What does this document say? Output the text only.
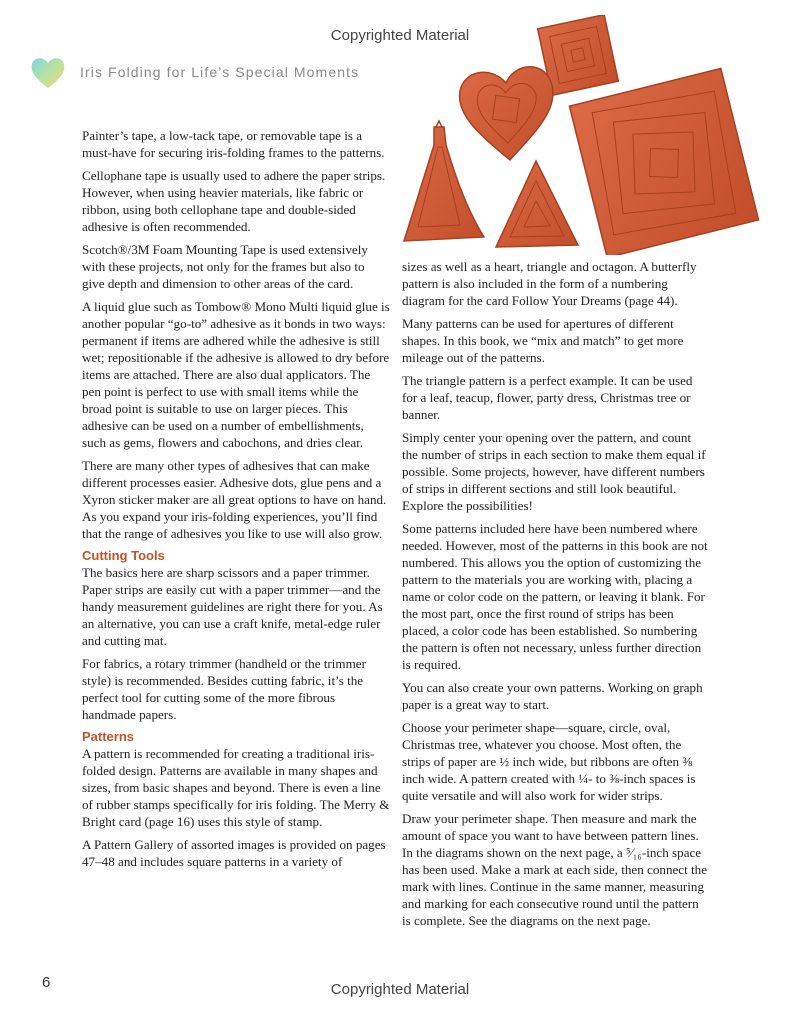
Copyrighted Material
Iris Folding for Life’s Special Moments

Painter’s tape, a low-tack tape, or removable tape is a must-have for securing iris-folding frames to the patterns.

Cellophane tape is usually used to adhere the paper strips. However, when using heavier materials, like fabric or ribbon, using both cellophane tape and double-sided adhesive is often recommended.

Scotch®/3M Foam Mounting Tape is used extensively with these projects, not only for the frames but also to give depth and dimension to other areas of the card.

A liquid glue such as Tombow® Mono Multi liquid glue is another popular “go-to” adhesive as it bonds in two ways: permanent if items are adhered while the adhesive is still wet; repositionable if the adhesive is allowed to dry before items are attached. There are also dual applicators. The pen point is perfect to use with small items while the broad point is suitable to use on larger pieces. This adhesive can be used on a number of embellishments, such as gems, flowers and cabochons, and dries clear.

There are many other types of adhesives that can make different processes easier. Adhesive dots, glue pens and a Xyron sticker maker are all great options to have on hand. As you expand your iris-folding experiences, you’ll find that the range of adhesives you like to use will also grow.

Cutting Tools

The basics here are sharp scissors and a paper trimmer. Paper strips are easily cut with a paper trimmer—and the handy measurement guidelines are right there for you. As an alternative, you can use a craft knife, metal-edge ruler and cutting mat.

For fabrics, a rotary trimmer (handheld or the trimmer style) is recommended. Besides cutting fabric, it’s the perfect tool for cutting some of the more fibrous handmade papers.

Patterns

A pattern is recommended for creating a traditional iris-folded design. Patterns are available in many shapes and sizes, from basic shapes and beyond. There is even a line of rubber stamps specifically for iris folding. The Merry & Bright card (page 16) uses this style of stamp.

A Pattern Gallery of assorted images is provided on pages 47–48 and includes square patterns in a variety of

sizes as well as a heart, triangle and octagon. A butterfly pattern is also included in the form of a numbering diagram for the card Follow Your Dreams (page 44).

Many patterns can be used for apertures of different shapes. In this book, we “mix and match” to get more mileage out of the patterns.

The triangle pattern is a perfect example. It can be used for a leaf, teacup, flower, party dress, Christmas tree or banner.

Simply center your opening over the pattern, and count the number of strips in each section to make them equal if possible. Some projects, however, have different numbers of strips in different sections and still look beautiful. Explore the possibilities!

Some patterns included here have been numbered where needed. However, most of the patterns in this book are not numbered. This allows you the option of customizing the pattern to the materials you are working with, placing a name or color code on the pattern, or leaving it blank. For the most part, once the first round of strips has been placed, a color code has been established. So numbering the pattern is often not necessary, unless further direction is required.

You can also create your own patterns. Working on graph paper is a great way to start.

Choose your perimeter shape—square, circle, oval, Christmas tree, whatever you choose. Most often, the strips of paper are ½ inch wide, but ribbons are often ⅜ inch wide. A pattern created with ¼- to ⅜-inch spaces is quite versatile and will also work for wider strips.

Draw your perimeter shape. Then measure and mark the amount of space you want to have between pattern lines. In the diagrams shown on the next page, a ⁵⁄₁₆-inch space has been used. Make a mark at each side, then connect the mark with lines. Continue in the same manner, measuring and marking for each consecutive round until the pattern is complete. See the diagrams on the next page.

6	Copyrighted Material
